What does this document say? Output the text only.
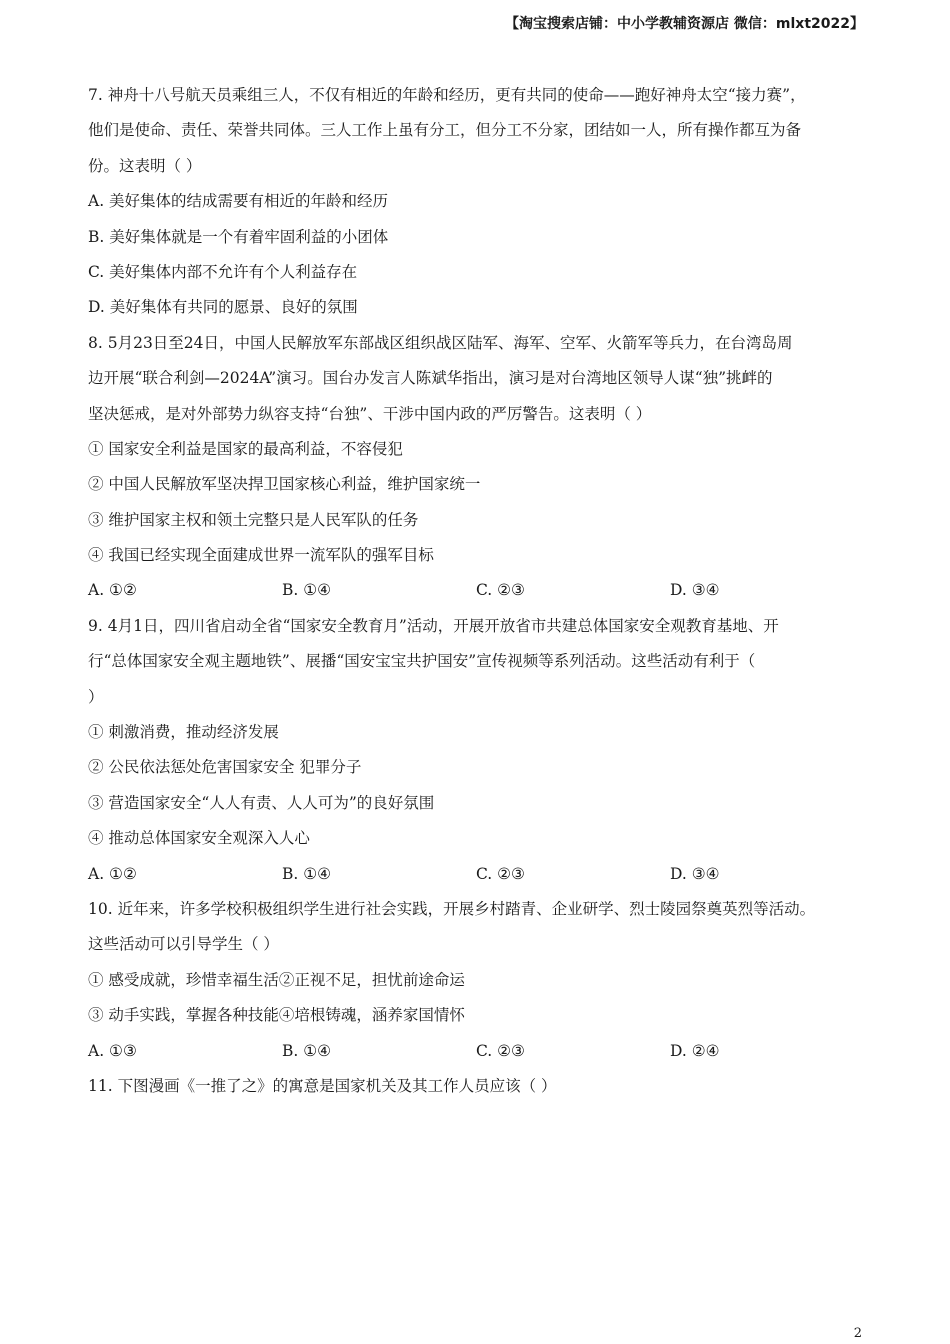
【淘宝搜索店铺：中小学教辅资源店 微信：mlxt2022】
7. 神舟十八号航天员乘组三人，不仅有相近的年龄和经历，更有共同的使命——跑好神舟太空“接力赛”，
他们是使命、责任、荣誉共同体。三人工作上虽有分工，但分工不分家，团结如一人，所有操作都互为备
份。这表明（ ）
A. 美好集体的结成需要有相近的年龄和经历
B. 美好集体就是一个有着牢固利益的小团体
C. 美好集体内部不允许有个人利益存在
D. 美好集体有共同的愿景、良好的氛围
8. 5月23日至24日，中国人民解放军东部战区组织战区陆军、海军、空军、火箭军等兵力，在台湾岛周
边开展“联合利剑—2024A”演习。国台办发言人陈斌华指出，演习是对台湾地区领导人谋“独”挑衅的
坚决惩戒，是对外部势力纵容支持“台独”、干涉中国内政的严厉警告。这表明（ ）
① 国家安全利益是国家的最高利益，不容侵犯
② 中国人民解放军坚决捍卫国家核心利益，维护国家统一
③ 维护国家主权和领土完整只是人民军队的任务
④ 我国已经实现全面建成世界一流军队的强军目标
A. ①②	B. ①④	C. ②③	D. ③④
9. 4月1日，四川省启动全省“国家安全教育月”活动，开展开放省市共建总体国家安全观教育基地、开
行“总体国家安全观主题地铁”、展播“国安宝宝共护国安”宣传视频等系列活动。这些活动有利于（
）
① 刺激消费，推动经济发展
② 公民依法惩处危害国家安全 犯罪分子
③ 营造国家安全“人人有责、人人可为”的良好氛围
④ 推动总体国家安全观深入人心
A. ①②	B. ①④	C. ②③	D. ③④
10. 近年来，许多学校积极组织学生进行社会实践，开展乡村踏青、企业研学、烈士陵园祭奠英烈等活动。
这些活动可以引导学生（ ）
① 感受成就，珍惜幸福生活②正视不足，担忧前途命运
③ 动手实践，掌握各种技能④培根铸魂，涵养家国情怀
A. ①③	B. ①④	C. ②③	D. ②④
11. 下图漫画《一推了之》的寓意是国家机关及其工作人员应该（ ）
2
